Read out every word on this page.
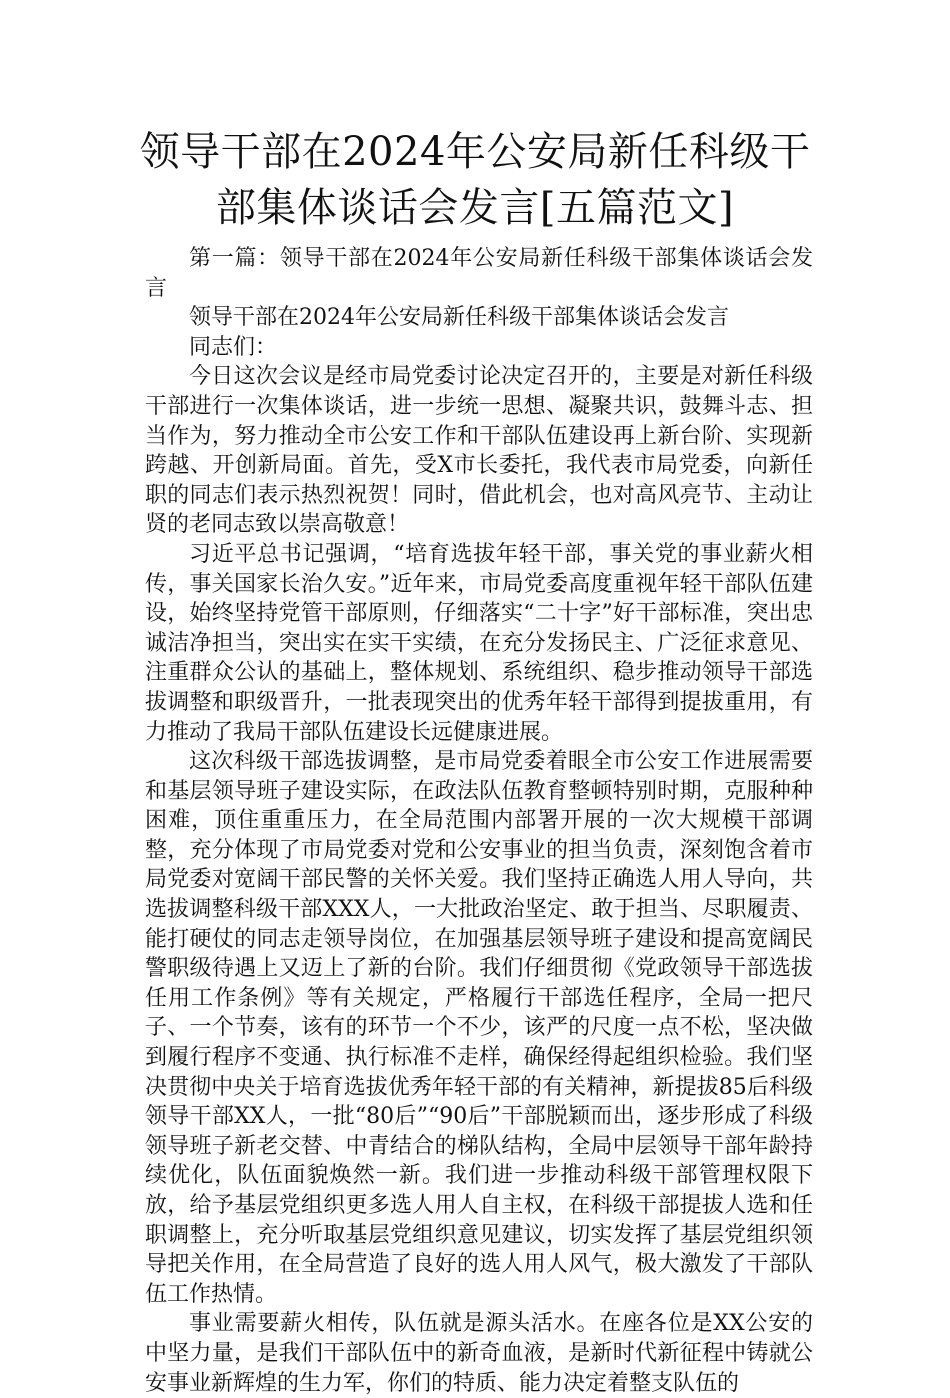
领导干部在2024年公安局新任科级干部集体谈话会发言[五篇范文]

第一篇：领导干部在2024年公安局新任科级干部集体谈话会发言

领导干部在2024年公安局新任科级干部集体谈话会发言

同志们：

今日这次会议是经市局党委讨论决定召开的，主要是对新任科级干部进行一次集体谈话，进一步统一思想、凝聚共识，鼓舞斗志、担当作为，努力推动全市公安工作和干部队伍建设再上新台阶、实现新跨越、开创新局面。首先，受X市长委托，我代表市局党委，向新任职的同志们表示热烈祝贺！同时，借此机会，也对高风亮节、主动让贤的老同志致以崇高敬意！

习近平总书记强调，“培育选拔年轻干部，事关党的事业薪火相传，事关国家长治久安。”近年来，市局党委高度重视年轻干部队伍建设，始终坚持党管干部原则，仔细落实“二十字”好干部标准，突出忠诚洁净担当，突出实在实干实绩，在充分发扬民主、广泛征求意见、注重群众公认的基础上，整体规划、系统组织、稳步推动领导干部选拔调整和职级晋升，一批表现突出的优秀年轻干部得到提拔重用，有力推动了我局干部队伍建设长远健康进展。

这次科级干部选拔调整，是市局党委着眼全市公安工作进展需要和基层领导班子建设实际，在政法队伍教育整顿特别时期，克服种种困难，顶住重重压力，在全局范围内部署开展的一次大规模干部调整，充分体现了市局党委对党和公安事业的担当负责，深刻饱含着市局党委对宽阔干部民警的关怀关爱。我们坚持正确选人用人导向，共选拔调整科级干部XXX人，一大批政治坚定、敢于担当、尽职履责、能打硬仗的同志走领导岗位，在加强基层领导班子建设和提高宽阔民警职级待遇上又迈上了新的台阶。我们仔细贯彻《党政领导干部选拔任用工作条例》等有关规定，严格履行干部选任程序，全局一把尺子、一个节奏，该有的环节一个不少，该严的尺度一点不松，坚决做到履行程序不变通、执行标准不走样，确保经得起组织检验。我们坚决贯彻中央关于培育选拔优秀年轻干部的有关精神，新提拔85后科级领导干部XX人，一批“80后”“90后”干部脱颖而出，逐步形成了科级领导班子新老交替、中青结合的梯队结构，全局中层领导干部年龄持续优化，队伍面貌焕然一新。我们进一步推动科级干部管理权限下放，给予基层党组织更多选人用人自主权，在科级干部提拔人选和任职调整上，充分听取基层党组织意见建议，切实发挥了基层党组织领导把关作用，在全局营造了良好的选人用人风气，极大激发了干部队伍工作热情。

事业需要薪火相传，队伍就是源头活水。在座各位是XX公安的中坚力量，是我们干部队伍中的新奇血液，是新时代新征程中铸就公安事业新辉煌的生力军，你们的特质、能力决定着整支队伍的
